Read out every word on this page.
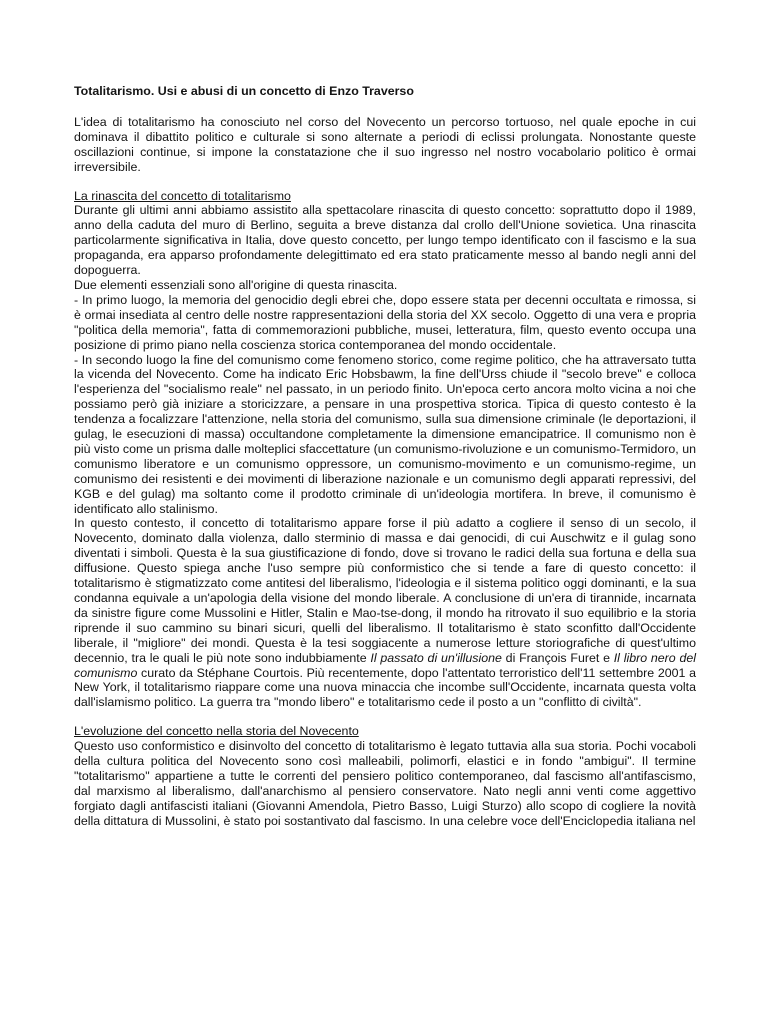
Totalitarismo. Usi e abusi di un concetto di Enzo Traverso

L'idea di totalitarismo ha conosciuto nel corso del Novecento un percorso tortuoso, nel quale epoche in cui dominava il dibattito politico e culturale si sono alternate a periodi di eclissi prolungata. Nonostante queste oscillazioni continue, si impone la constatazione che il suo ingresso nel nostro vocabolario politico è ormai irreversibile.

La rinascita del concetto di totalitarismo

Durante gli ultimi anni abbiamo assistito alla spettacolare rinascita di questo concetto: soprattutto dopo il 1989, anno della caduta del muro di Berlino, seguita a breve distanza dal crollo dell'Unione sovietica. Una rinascita particolarmente significativa in Italia, dove questo concetto, per lungo tempo identificato con il fascismo e la sua propaganda, era apparso profondamente delegittimato ed era stato praticamente messo al bando negli anni del dopoguerra.

Due elementi essenziali sono all'origine di questa rinascita.

- In primo luogo, la memoria del genocidio degli ebrei che, dopo essere stata per decenni occultata e rimossa, si è ormai insediata al centro delle nostre rappresentazioni della storia del XX secolo. Oggetto di una vera e propria "politica della memoria", fatta di commemorazioni pubbliche, musei, letteratura, film, questo evento occupa una posizione di primo piano nella coscienza storica contemporanea del mondo occidentale.

- In secondo luogo la fine del comunismo come fenomeno storico, come regime politico, che ha attraversato tutta la vicenda del Novecento. Come ha indicato Eric Hobsbawm, la fine dell'Urss chiude il "secolo breve" e colloca l'esperienza del "socialismo reale" nel passato, in un periodo finito. Un'epoca certo ancora molto vicina a noi che possiamo però già iniziare a storicizzare, a pensare in una prospettiva storica. Tipica di questo contesto è la tendenza a focalizzare l'attenzione, nella storia del comunismo, sulla sua dimensione criminale (le deportazioni, il gulag, le esecuzioni di massa) occultandone completamente la dimensione emancipatrice. Il comunismo non è più visto come un prisma dalle molteplici sfaccettature (un comunismo-rivoluzione e un comunismo-Termidoro, un comunismo liberatore e un comunismo oppressore, un comunismo-movimento e un comunismo-regime, un comunismo dei resistenti e dei movimenti di liberazione nazionale e un comunismo degli apparati repressivi, del KGB e del gulag) ma soltanto come il prodotto criminale di un'ideologia mortifera. In breve, il comunismo è identificato allo stalinismo.

In questo contesto, il concetto di totalitarismo appare forse il più adatto a cogliere il senso di un secolo, il Novecento, dominato dalla violenza, dallo sterminio di massa e dai genocidi, di cui Auschwitz e il gulag sono diventati i simboli. Questa è la sua giustificazione di fondo, dove si trovano le radici della sua fortuna e della sua diffusione. Questo spiega anche l'uso sempre più conformistico che si tende a fare di questo concetto: il totalitarismo è stigmatizzato come antitesi del liberalismo, l'ideologia e il sistema politico oggi dominanti, e la sua condanna equivale a un'apologia della visione del mondo liberale. A conclusione di un'era di tirannide, incarnata da sinistre figure come Mussolini e Hitler, Stalin e Mao-tse-dong, il mondo ha ritrovato il suo equilibrio e la storia riprende il suo cammino su binari sicuri, quelli del liberalismo. Il totalitarismo è stato sconfitto dall'Occidente liberale, il "migliore" dei mondi. Questa è la tesi soggiacente a numerose letture storiografiche di quest'ultimo decennio, tra le quali le più note sono indubbiamente Il passato di un'illusione di François Furet e Il libro nero del comunismo curato da Stéphane Courtois. Più recentemente, dopo l'attentato terroristico dell'11 settembre 2001 a New York, il totalitarismo riappare come una nuova minaccia che incombe sull'Occidente, incarnata questa volta dall'islamismo politico. La guerra tra "mondo libero" e totalitarismo cede il posto a un "conflitto di civiltà".

L'evoluzione del concetto nella storia del Novecento

Questo uso conformistico e disinvolto del concetto di totalitarismo è legato tuttavia alla sua storia. Pochi vocaboli della cultura politica del Novecento sono così malleabili, polimorfi, elastici e in fondo "ambigui". Il termine "totalitarismo" appartiene a tutte le correnti del pensiero politico contemporaneo, dal fascismo all'antifascismo, dal marxismo al liberalismo, dall'anarchismo al pensiero conservatore. Nato negli anni venti come aggettivo forgiato dagli antifascisti italiani (Giovanni Amendola, Pietro Basso, Luigi Sturzo) allo scopo di cogliere la novità della dittatura di Mussolini, è stato poi sostantivato dal fascismo. In una celebre voce dell'Enciclopedia italiana nel
